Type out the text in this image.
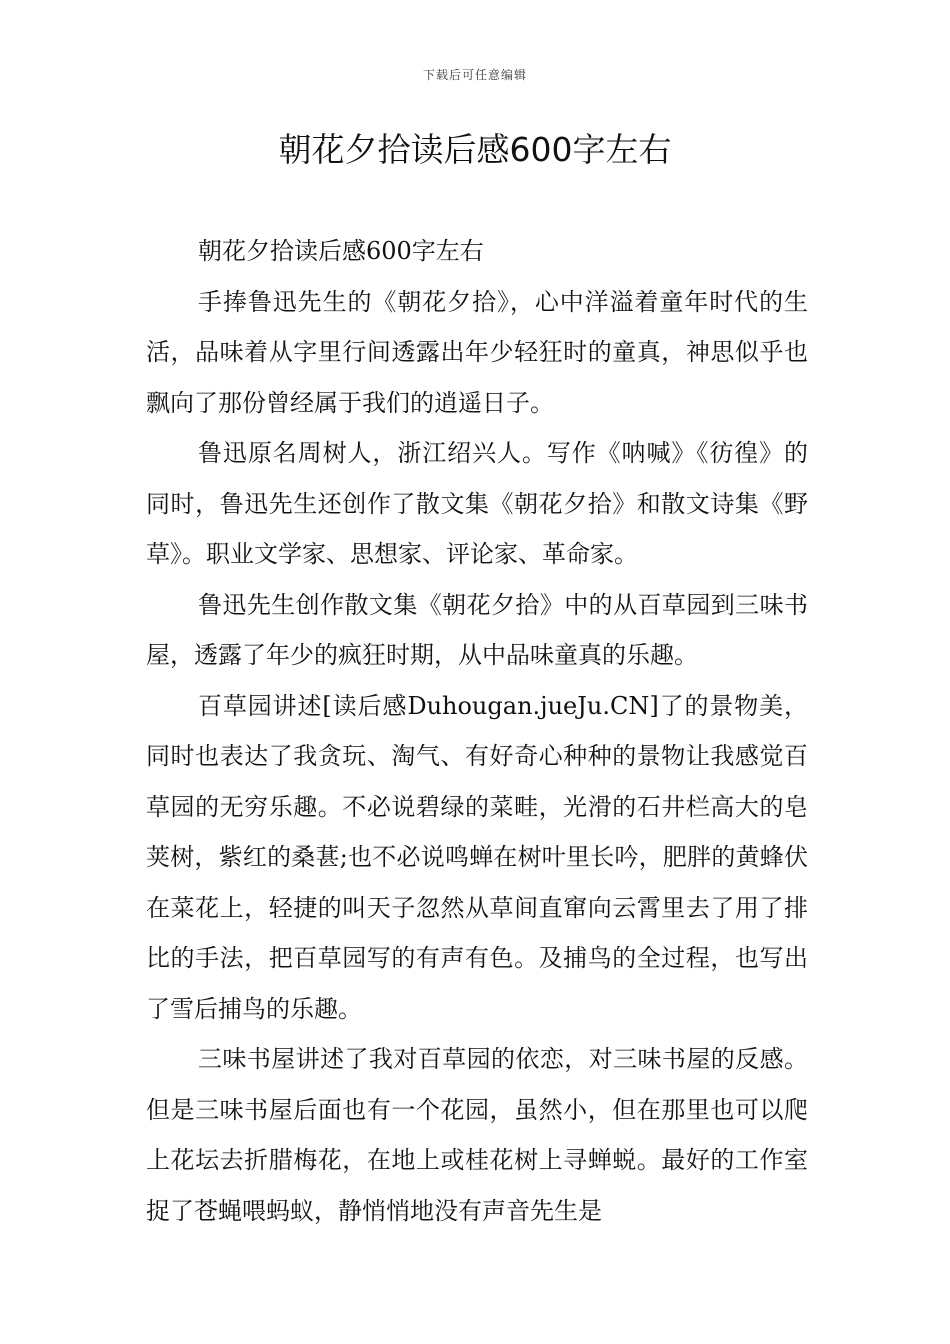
下载后可任意编辑
朝花夕拾读后感600字左右

朝花夕拾读后感600字左右

手捧鲁迅先生的《朝花夕拾》，心中洋溢着童年时代的生活，品味着从字里行间透露出年少轻狂时的童真，神思似乎也飘向了那份曾经属于我们的逍遥日子。

鲁迅原名周树人，浙江绍兴人。写作《呐喊》《彷徨》的同时，鲁迅先生还创作了散文集《朝花夕拾》和散文诗集《野草》。职业文学家、思想家、评论家、革命家。

鲁迅先生创作散文集《朝花夕拾》中的从百草园到三味书屋，透露了年少的疯狂时期，从中品味童真的乐趣。

百草园讲述[读后感Duhougan.jueJu.CN]了的景物美，同时也表达了我贪玩、淘气、有好奇心种种的景物让我感觉百草园的无穷乐趣。不必说碧绿的菜畦，光滑的石井栏高大的皂荚树，紫红的桑葚;也不必说鸣蝉在树叶里长吟，肥胖的黄蜂伏在菜花上，轻捷的叫天子忽然从草间直窜向云霄里去了用了排比的手法，把百草园写的有声有色。及捕鸟的全过程，也写出了雪后捕鸟的乐趣。

三味书屋讲述了我对百草园的依恋，对三味书屋的反感。但是三味书屋后面也有一个花园，虽然小，但在那里也可以爬上花坛去折腊梅花，在地上或桂花树上寻蝉蜕。最好的工作室捉了苍蝇喂蚂蚁，静悄悄地没有声音先生是
